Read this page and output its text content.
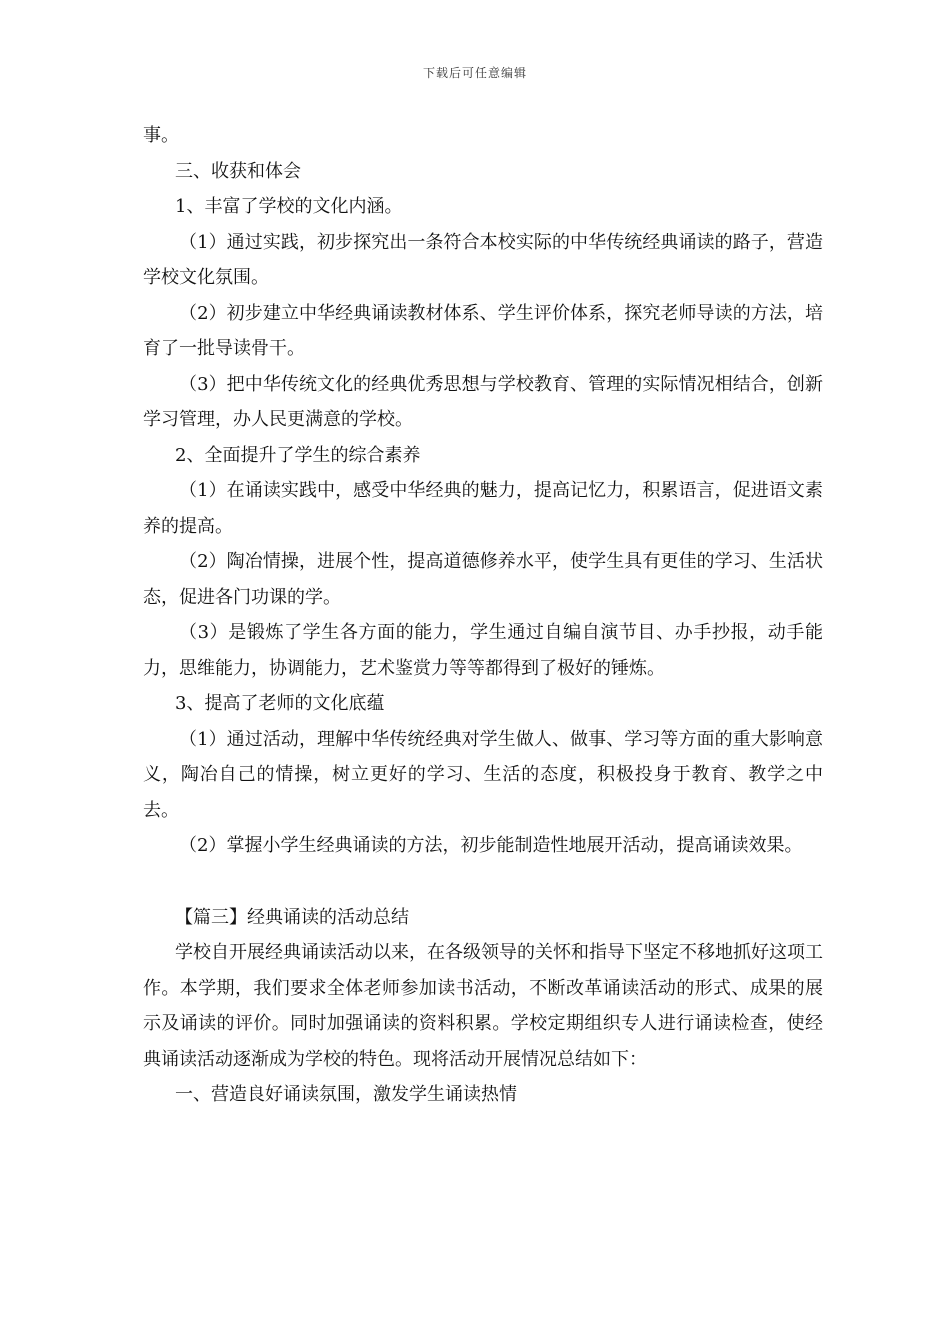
下载后可任意编辑

事。

三、收获和体会

1、丰富了学校的文化内涵。

（1）通过实践，初步探究出一条符合本校实际的中华传统经典诵读的路子，营造学校文化氛围。

（2）初步建立中华经典诵读教材体系、学生评价体系，探究老师导读的方法，培育了一批导读骨干。

（3）把中华传统文化的经典优秀思想与学校教育、管理的实际情况相结合，创新学习管理，办人民更满意的学校。

2、全面提升了学生的综合素养

（1）在诵读实践中，感受中华经典的魅力，提高记忆力，积累语言，促进语文素养的提高。

（2）陶冶情操，进展个性，提高道德修养水平，使学生具有更佳的学习、生活状态，促进各门功课的学。

（3）是锻炼了学生各方面的能力，学生通过自编自演节目、办手抄报，动手能力，思维能力，协调能力，艺术鉴赏力等等都得到了极好的锤炼。

3、提高了老师的文化底蕴

（1）通过活动，理解中华传统经典对学生做人、做事、学习等方面的重大影响意义，陶冶自己的情操，树立更好的学习、生活的态度，积极投身于教育、教学之中去。

（2）掌握小学生经典诵读的方法，初步能制造性地展开活动，提高诵读效果。

【篇三】经典诵读的活动总结

学校自开展经典诵读活动以来，在各级领导的关怀和指导下坚定不移地抓好这项工作。本学期，我们要求全体老师参加读书活动，不断改革诵读活动的形式、成果的展示及诵读的评价。同时加强诵读的资料积累。学校定期组织专人进行诵读检查，使经典诵读活动逐渐成为学校的特色。现将活动开展情况总结如下：

一、营造良好诵读氛围，激发学生诵读热情
